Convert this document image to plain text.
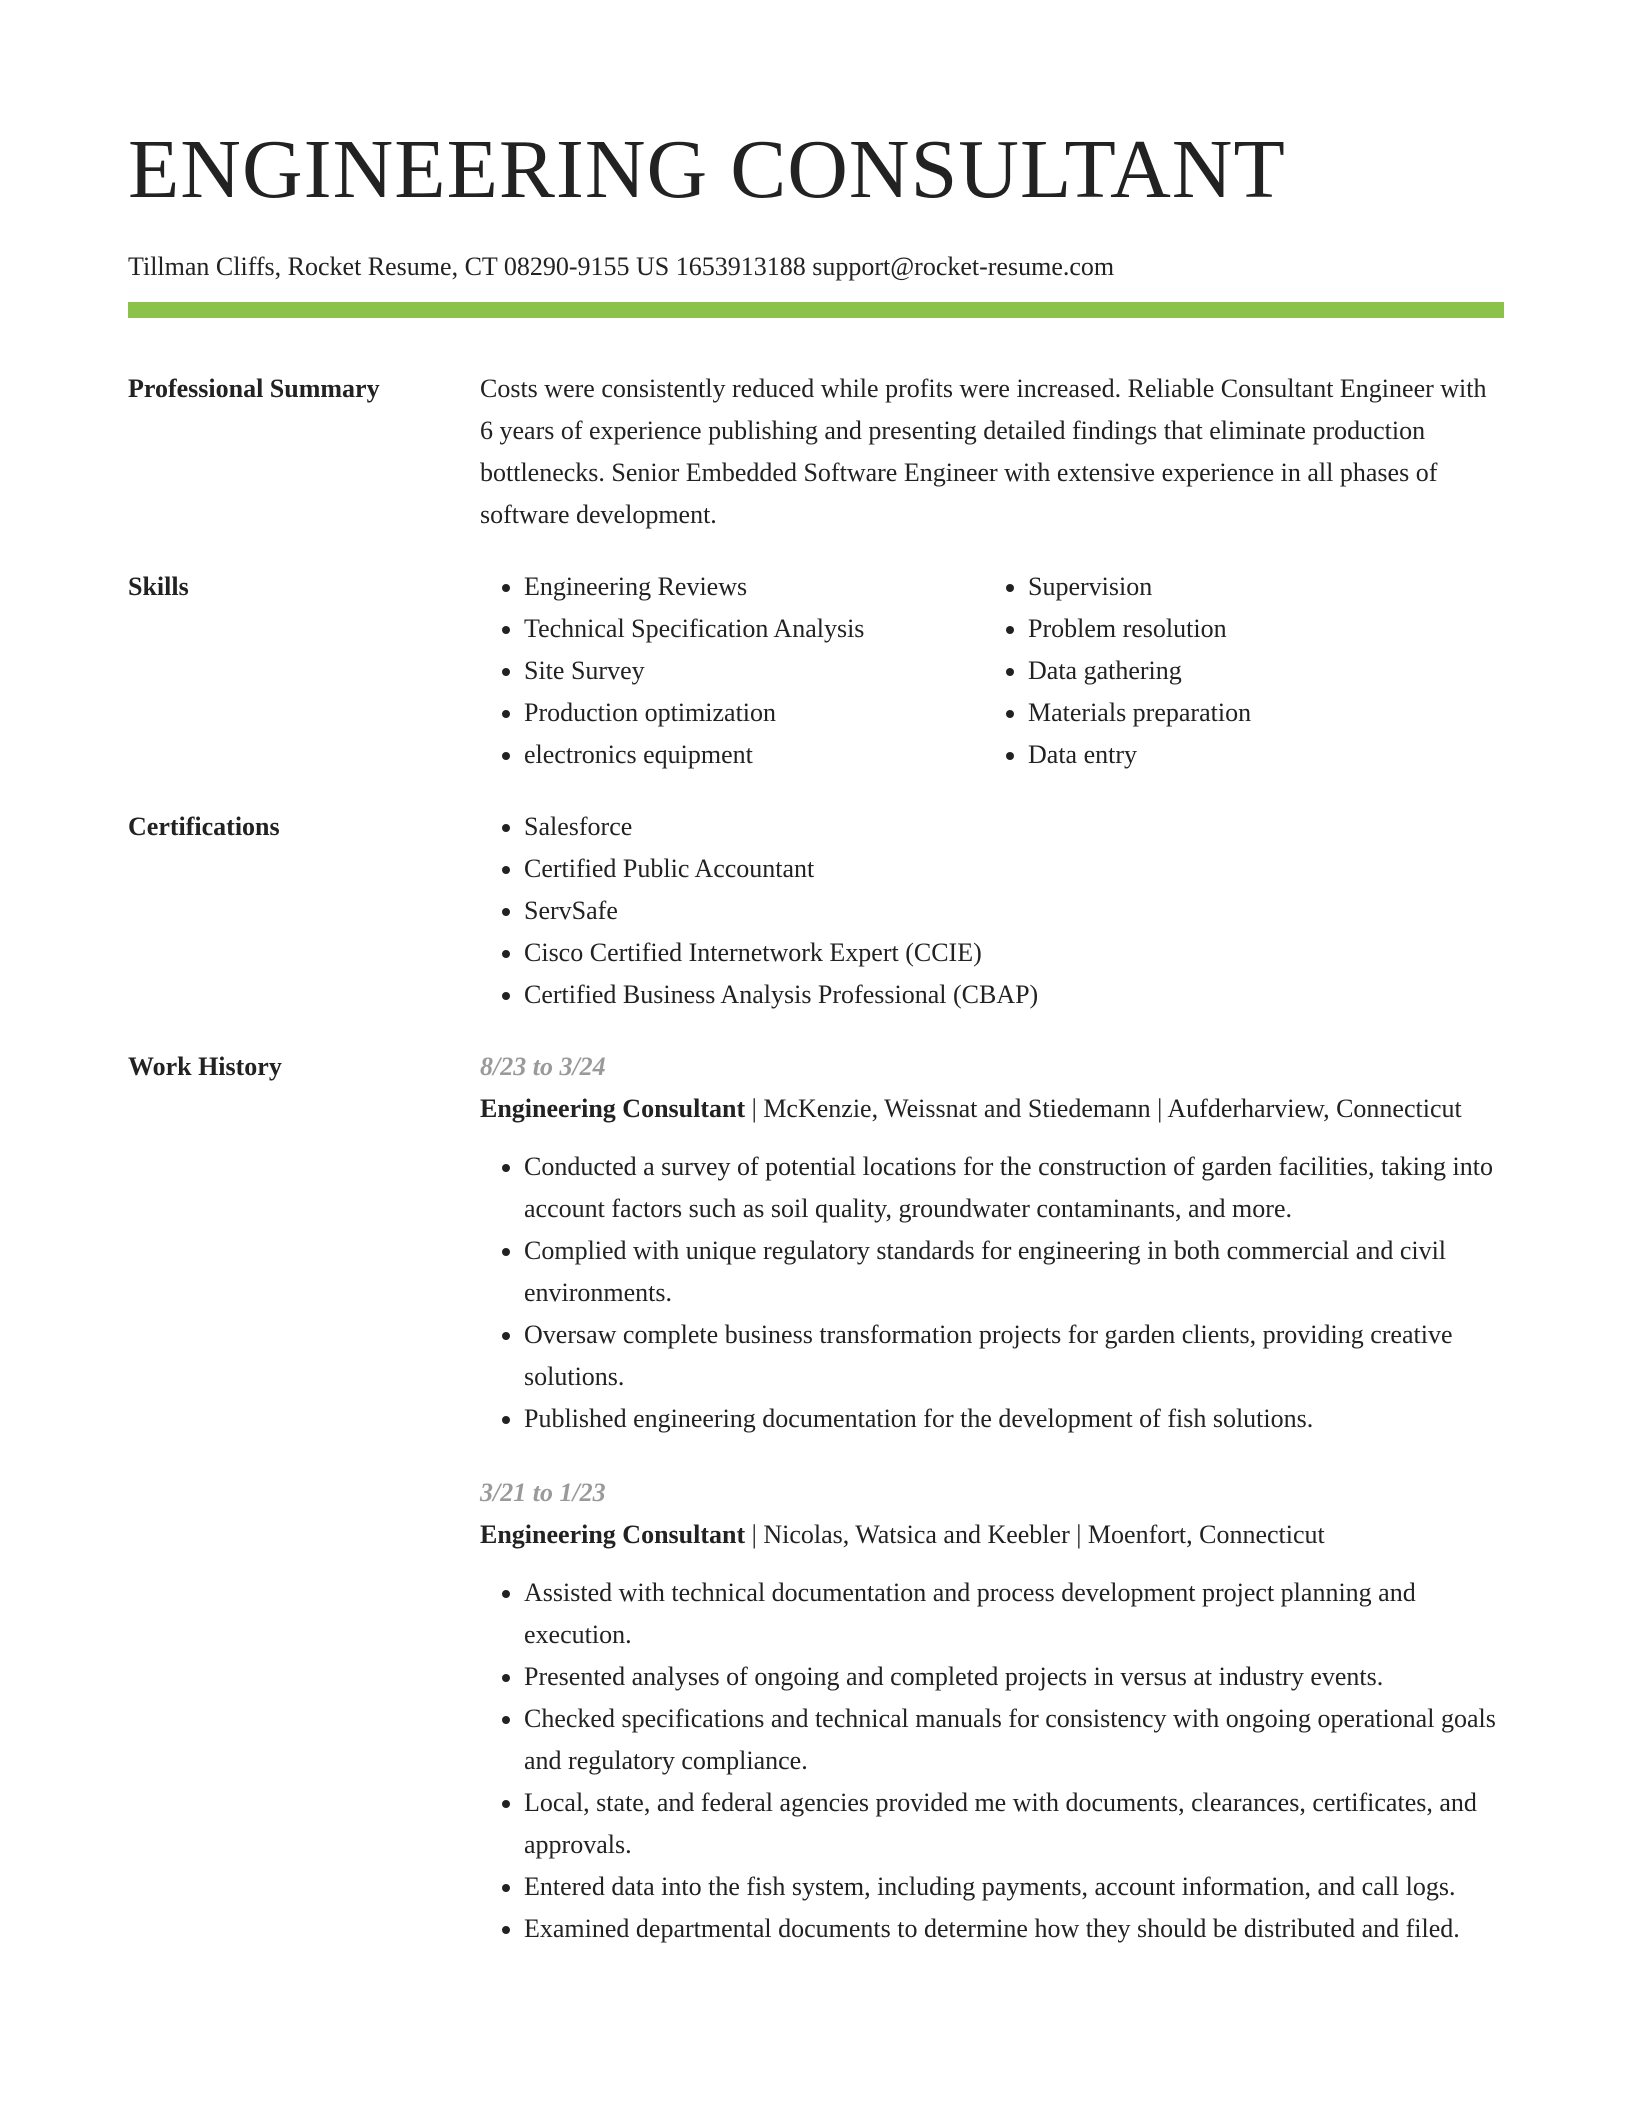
ENGINEERING CONSULTANT
Tillman Cliffs, Rocket Resume, CT 08290-9155 US 1653913188 support@rocket-resume.com
Professional Summary	Costs were consistently reduced while profits were increased. Reliable Consultant Engineer with 6 years of experience publishing and presenting detailed findings that eliminate production bottlenecks. Senior Embedded Software Engineer with extensive experience in all phases of software development.

Skills	• Engineering Reviews
• Technical Specification Analysis
• Site Survey
• Production optimization
• electronics equipment
• Supervision
• Problem resolution
• Data gathering
• Materials preparation
• Data entry
Certifications	• Salesforce
• Certified Public Accountant
• ServSafe
• Cisco Certified Internetwork Expert (CCIE)
• Certified Business Analysis Professional (CBAP)
Work History	8/23 to 3/24
Engineering Consultant | McKenzie, Weissnat and Stiedemann | Aufderharview, Connecticut
• Conducted a survey of potential locations for the construction of garden facilities, taking into account factors such as soil quality, groundwater contaminants, and more.
• Complied with unique regulatory standards for engineering in both commercial and civil environments.
• Oversaw complete business transformation projects for garden clients, providing creative solutions.
• Published engineering documentation for the development of fish solutions.
3/21 to 1/23
Engineering Consultant | Nicolas, Watsica and Keebler | Moenfort, Connecticut
• Assisted with technical documentation and process development project planning and execution.
• Presented analyses of ongoing and completed projects in versus at industry events.
• Checked specifications and technical manuals for consistency with ongoing operational goals and regulatory compliance.
• Local, state, and federal agencies provided me with documents, clearances, certificates, and approvals.
• Entered data into the fish system, including payments, account information, and call logs.
• Examined departmental documents to determine how they should be distributed and filed.
